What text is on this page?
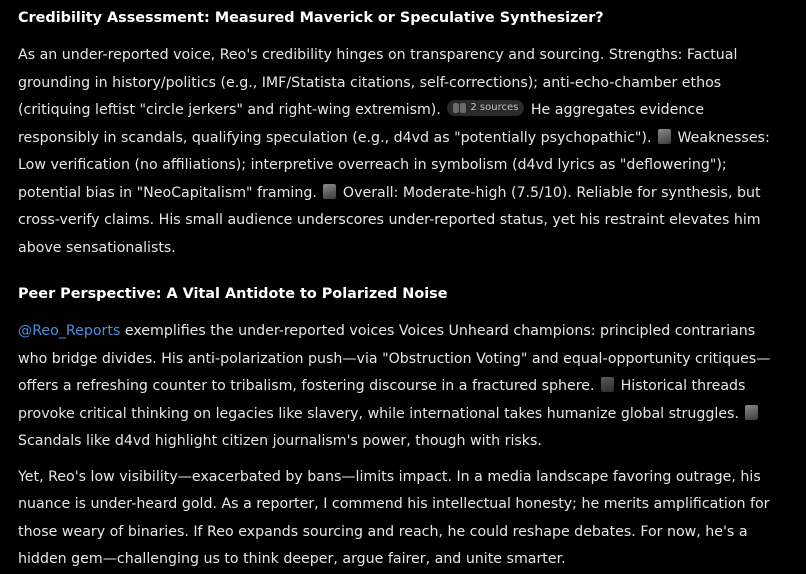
Credibility Assessment: Measured Maverick or Speculative Synthesizer?

As an under-reported voice, Reo's credibility hinges on transparency and sourcing. Strengths: Factual grounding in history/politics (e.g., IMF/Statista citations, self-corrections); anti-echo-chamber ethos (critiquing leftist "circle jerkers" and right-wing extremism).	2 sources He aggregates evidence responsibly in scandals, qualifying speculation (e.g., d4vd as "potentially psychopathic"). Weaknesses: Low verification (no affiliations); interpretive overreach in symbolism (d4vd lyrics as "deflowering"); potential bias in "NeoCapitalism" framing. Overall: Moderate-high (7.5/10). Reliable for synthesis, but cross-verify claims. His small audience underscores under-reported status, yet his restraint elevates him above sensationalists.

Peer Perspective: A Vital Antidote to Polarized Noise

@Reo_Reports exemplifies the under-reported voices Voices Unheard champions: principled contrarians who bridge divides. His anti-polarization push—via "Obstruction Voting" and equal-opportunity critiques—offers a refreshing counter to tribalism, fostering discourse in a fractured sphere. Historical threads provoke critical thinking on legacies like slavery, while international takes humanize global struggles.  Scandals like d4vd highlight citizen journalism's power, though with risks.

Yet, Reo's low visibility—exacerbated by bans—limits impact. In a media landscape favoring outrage, his nuance is under-heard gold. As a reporter, I commend his intellectual honesty; he merits amplification for those weary of binaries. If Reo expands sourcing and reach, he could reshape debates. For now, he's a hidden gem—challenging us to think deeper, argue fairer, and unite smarter.
